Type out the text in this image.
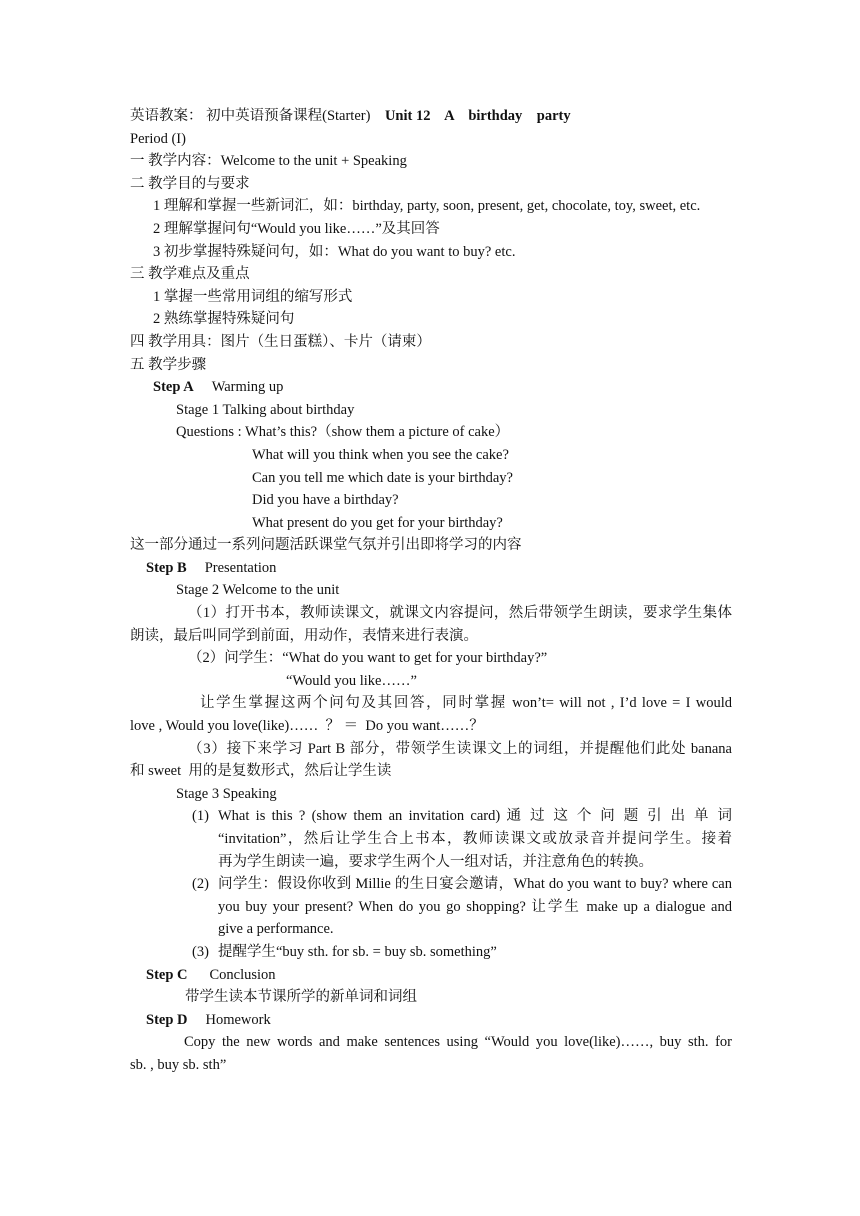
英语教案： 初中英语预备课程(Starter) Unit 12    A    birthday    party
Period (I)
一 教学内容：Welcome to the unit + Speaking
二 教学目的与要求
1 理解和掌握一些新词汇，如：birthday, party, soon, present, get, chocolate, toy, sweet, etc.
2 理解掌握问句“Would you like……”及其回答
3 初步掌握特殊疑问句，如：What do you want to buy? etc.
三 教学难点及重点
1 掌握一些常用词组的缩写形式
2 熟练掌握特殊疑问句
四 教学用具：图片（生日蛋糕）、卡片（请柬）
五 教学步骤
Step A Warming up
Stage 1 Talking about birthday
Questions : What’s this?（show them a picture of cake）
What will you think when you see the cake?
Can you tell me which date is your birthday?
Did you have a birthday?
What present do you get for your birthday?
这一部分通过一系列问题活跃课堂气氛并引出即将学习的内容
Step B Presentation
Stage 2 Welcome to the unit
（1）打开书本，教师读课文，就课文内容提问，然后带领学生朗读，要求学生集体
朗读，最后叫同学到前面，用动作，表情来进行表演。
（2）问学生：“What do you want to get for your birthday?”
“Would you like……”
让学生掌握这两个问句及其回答，同时掌握 won’t= will not , I’d love = I would
love , Would you love(like)……  ？ ＝  Do you want……？
（3）接下来学习 Part B 部分，带领学生读课文上的词组，并提醒他们此处 banana
和 sweet  用的是复数形式，然后让学生读
Stage 3 Speaking
(1) What is this ? (show them an invitation card) 通 过 这 个 问 题 引 出 单 词
“invitation”，然后让学生合上书本，教师读课文或放录音并提问学生。接着
再为学生朗读一遍，要求学生两个人一组对话，并注意角色的转换。
(2) 问学生：假设你收到 Millie 的生日宴会邀请，What do you want to buy? where can
you buy your present? When do you go shopping? 让学生 make up a dialogue and
give a performance.
(3) 提醒学生“buy sth. for sb. = buy sb. something”
Step C Conclusion
带学生读本节课所学的新单词和词组
Step D Homework
Copy the new words and make sentences using “Would you love(like)……, buy sth. for
sb. , buy sb. sth”
